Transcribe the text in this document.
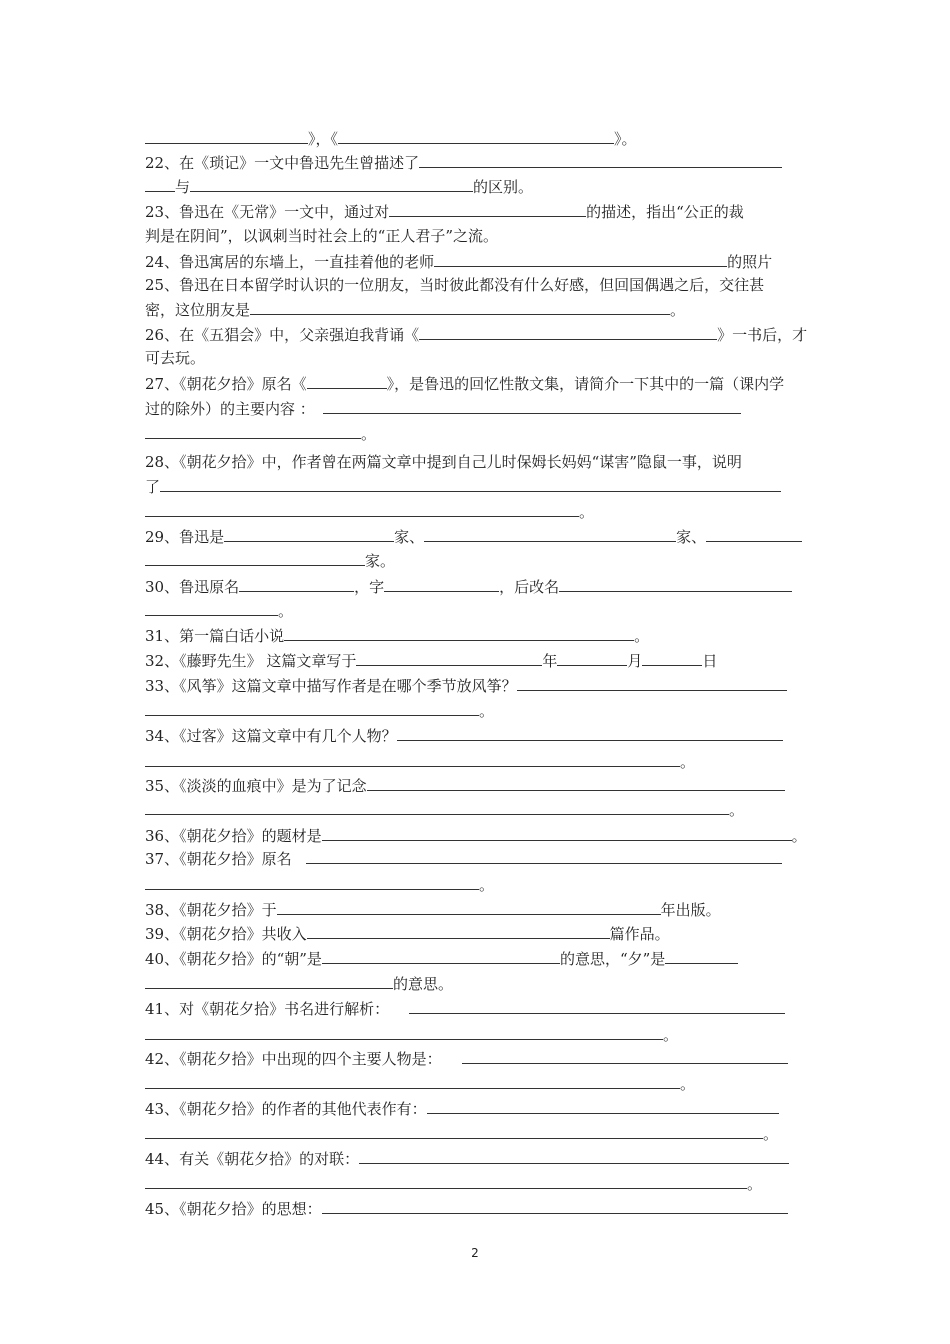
》，《	》。
22、在《琐记》一文中鲁迅先生曾描述了
与	的区别。
23、鲁迅在《无常》一文中，通过对	的描述，指出“公正的裁
判是在阴间”，以讽刺当时社会上的“正人君子”之流。
24、鲁迅寓居的东墙上，一直挂着他的老师	的照片
25、鲁迅在日本留学时认识的一位朋友，当时彼此都没有什么好感，但回国偶遇之后，交往甚
密，这位朋友是	。
26、在《五猖会》中，父亲强迫我背诵《	》一书后，才
可去玩。
27、《朝花夕拾》原名《	》，是鲁迅的回忆性散文集，请简介一下其中的一篇（课内学
过的除外）的主要内容 ：
。
28、《朝花夕拾》中，作者曾在两篇文章中提到自己儿时保姆长妈妈“谋害”隐鼠一事，说明
了
。
29、鲁迅是	家、	家、
家。
30、鲁迅原名	，字	，后改名
。
31、第一篇白话小说	。
32、《藤野先生》 这篇文章写于	年	月	日
33、《风筝》这篇文章中描写作者是在哪个季节放风筝？
。
34、《过客》这篇文章中有几个人物？
。
35、《淡淡的血痕中》是为了记念
。
36、《朝花夕拾》的题材是	。
37、《朝花夕拾》原名
。
38、《朝花夕拾》于	年出版。
39、《朝花夕拾》共收入	篇作品。
40、《朝花夕拾》的“朝”是	的意思，“夕”是
的意思。
41、对《朝花夕拾》书名进行解析：
。
42、《朝花夕拾》中出现的四个主要人物是：
。
43、《朝花夕拾》的作者的其他代表作有：
。
44、有关《朝花夕拾》的对联：
。
45、《朝花夕拾》的思想：
2
